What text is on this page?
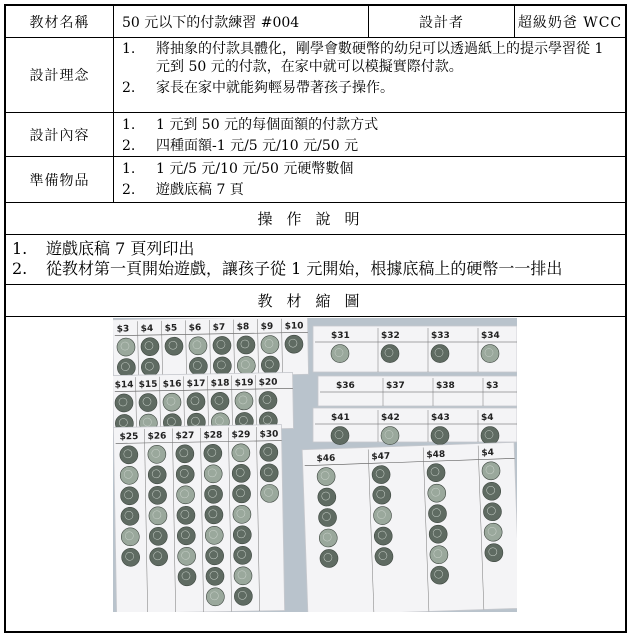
教材名稱	50 元以下的付款練習 #004	設計者	超級奶爸 WCC
設計理念
1.	將抽象的付款具體化，剛學會數硬幣的幼兒可以透過紙上的提示學習從 1 元到 50 元的付款，在家中就可以模擬實際付款。
2.	家長在家中就能夠輕易帶著孩子操作。
設計內容
1.	1 元到 50 元的每個面額的付款方式
2.	四種面額-1 元/5 元/10 元/50 元
準備物品
1.	1 元/5 元/10 元/50 元硬幣數個
2.	遊戲底稿 7 頁
操作說明
1.	遊戲底稿 7 頁列印出
2.	從教材第一頁開始遊戲，讓孩子從 1 元開始，根據底稿上的硬幣一一排出
教材縮圖
$3 $4 $5 $6 $7 $8 $9 $10
$14 $15 $16 $17 $18 $19 $20
$25 $26 $27 $28 $29 $30
$31	$32	$33	$34
$36	$37	$38	$3
$41	$42	$43	$4
$46	$47	$48	$4
